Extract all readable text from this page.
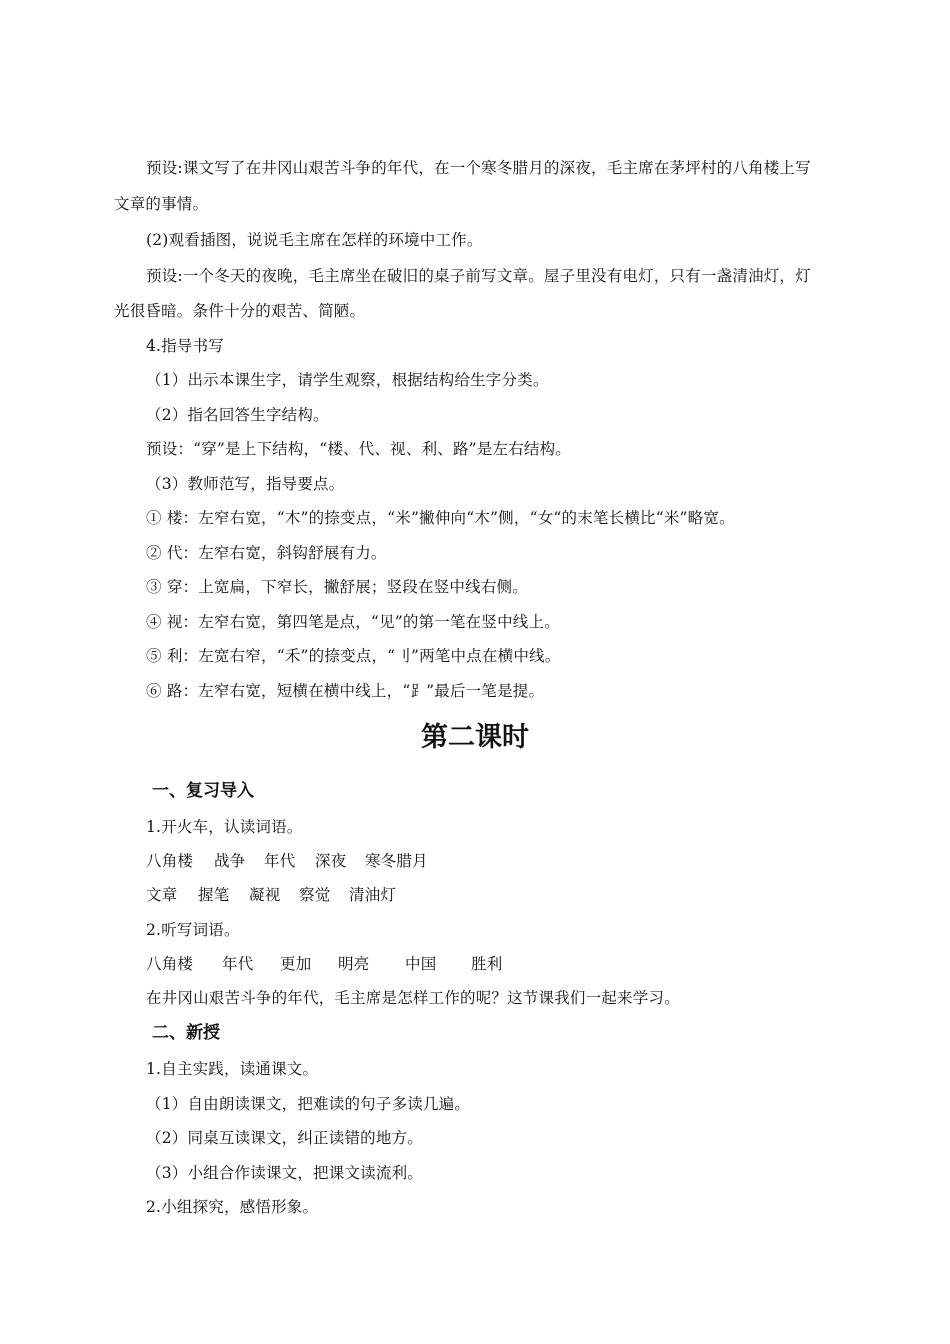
预设:课文写了在井冈山艰苦斗争的年代，在一个寒冬腊月的深夜，毛主席在茅坪村的八角楼上写
文章的事情。
(2)观看插图，说说毛主席在怎样的环境中工作。
预设:一个冬天的夜晚，毛主席坐在破旧的桌子前写文章。屋子里没有电灯，只有一盏清油灯，灯
光很昏暗。条件十分的艰苦、简陋。
4.指导书写
（1）出示本课生字，请学生观察，根据结构给生字分类。
（2）指名回答生字结构。
预设：“穿”是上下结构，“楼、代、视、利、路”是左右结构。
（3）教师范写，指导要点。
① 楼：左窄右宽，“木”的捺变点，“米”撇伸向“木”侧，“女“的末笔长横比“米”略宽。
② 代：左窄右宽，斜钩舒展有力。
③ 穿：上宽扁，下窄长，撇舒展；竖段在竖中线右侧。
④ 视：左窄右宽，第四笔是点，“见”的第一笔在竖中线上。
⑤ 利：左宽右窄，“禾”的捺变点，“刂”两笔中点在横中线。
⑥ 路：左窄右宽，短横在横中线上，“⻊”最后一笔是提。
第二课时
一、复习导入
1.开火车，认读词语。
八角楼 战争 年代 深夜 寒冬腊月
文章 握笔 凝视 察觉 清油灯
2.听写词语。
八角楼 年代 更加 明亮 中国 胜利
在井冈山艰苦斗争的年代，毛主席是怎样工作的呢？这节课我们一起来学习。
二、新授
1.自主实践，读通课文。
（1）自由朗读课文，把难读的句子多读几遍。
（2）同桌互读课文，纠正读错的地方。
（3）小组合作读课文，把课文读流利。
2.小组探究，感悟形象。
